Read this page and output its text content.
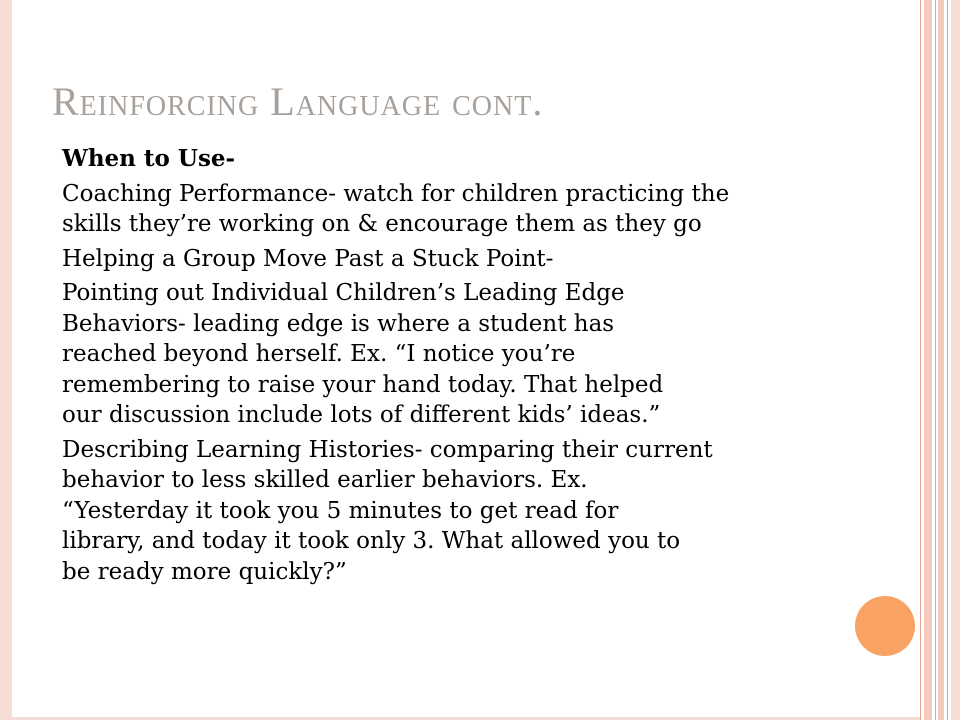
Reinforcing Language cont.
When to Use-
Coaching Performance- watch for children practicing the
skills they’re working on & encourage them as they go
Helping a Group Move Past a Stuck Point-
Pointing out Individual Children’s Leading Edge
Behaviors- leading edge is where a student has
reached beyond herself. Ex. “I notice you’re
remembering to raise your hand today. That helped
our discussion include lots of different kids’ ideas.”
Describing Learning Histories- comparing their current
behavior to less skilled earlier behaviors. Ex.
“Yesterday it took you 5 minutes to get read for
library, and today it took only 3. What allowed you to
be ready more quickly?”
